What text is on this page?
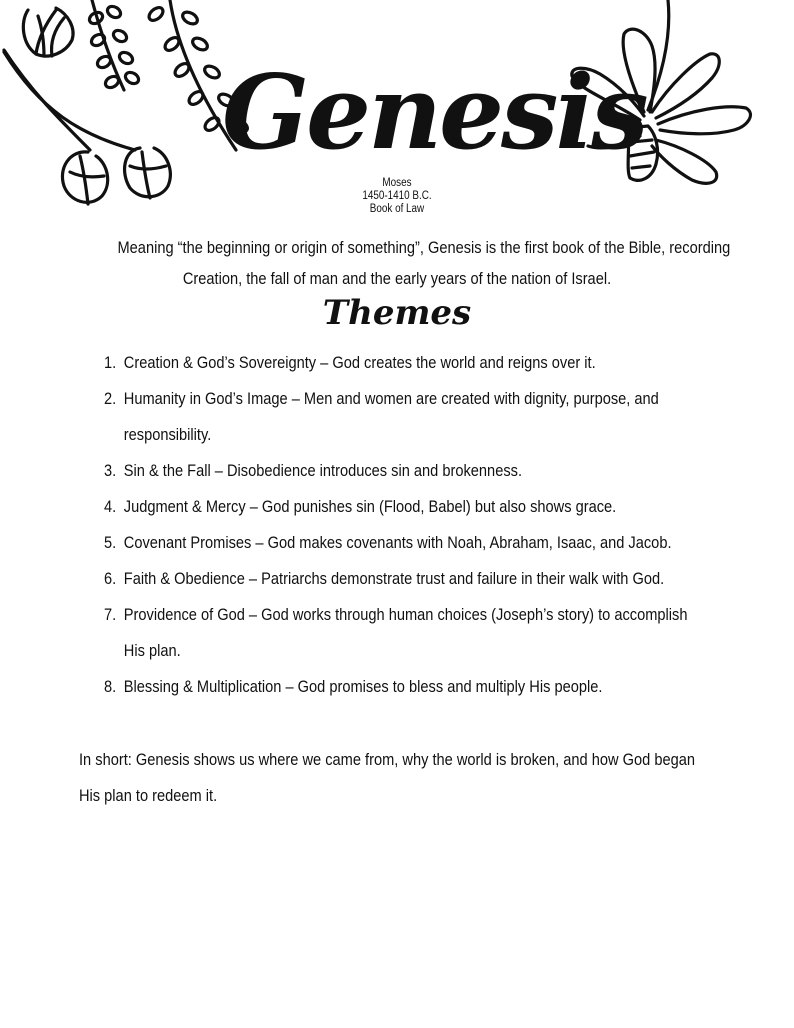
Genesis
Moses
1450-1410 B.C.
Book of Law
Meaning “the beginning or origin of something”, Genesis is the first book of the Bible, recording
Creation, the fall of man and the early years of the nation of Israel.
Themes
1. Creation & God’s Sovereignty – God creates the world and reigns over it.
2. Humanity in God’s Image – Men and women are created with dignity, purpose, and
responsibility.
3. Sin & the Fall – Disobedience introduces sin and brokenness.
4. Judgment & Mercy – God punishes sin (Flood, Babel) but also shows grace.
5. Covenant Promises – God makes covenants with Noah, Abraham, Isaac, and Jacob.
6. Faith & Obedience – Patriarchs demonstrate trust and failure in their walk with God.
7. Providence of God – God works through human choices (Joseph’s story) to accomplish
His plan.
8. Blessing & Multiplication – God promises to bless and multiply His people.
In short: Genesis shows us where we came from, why the world is broken, and how God began
His plan to redeem it.
